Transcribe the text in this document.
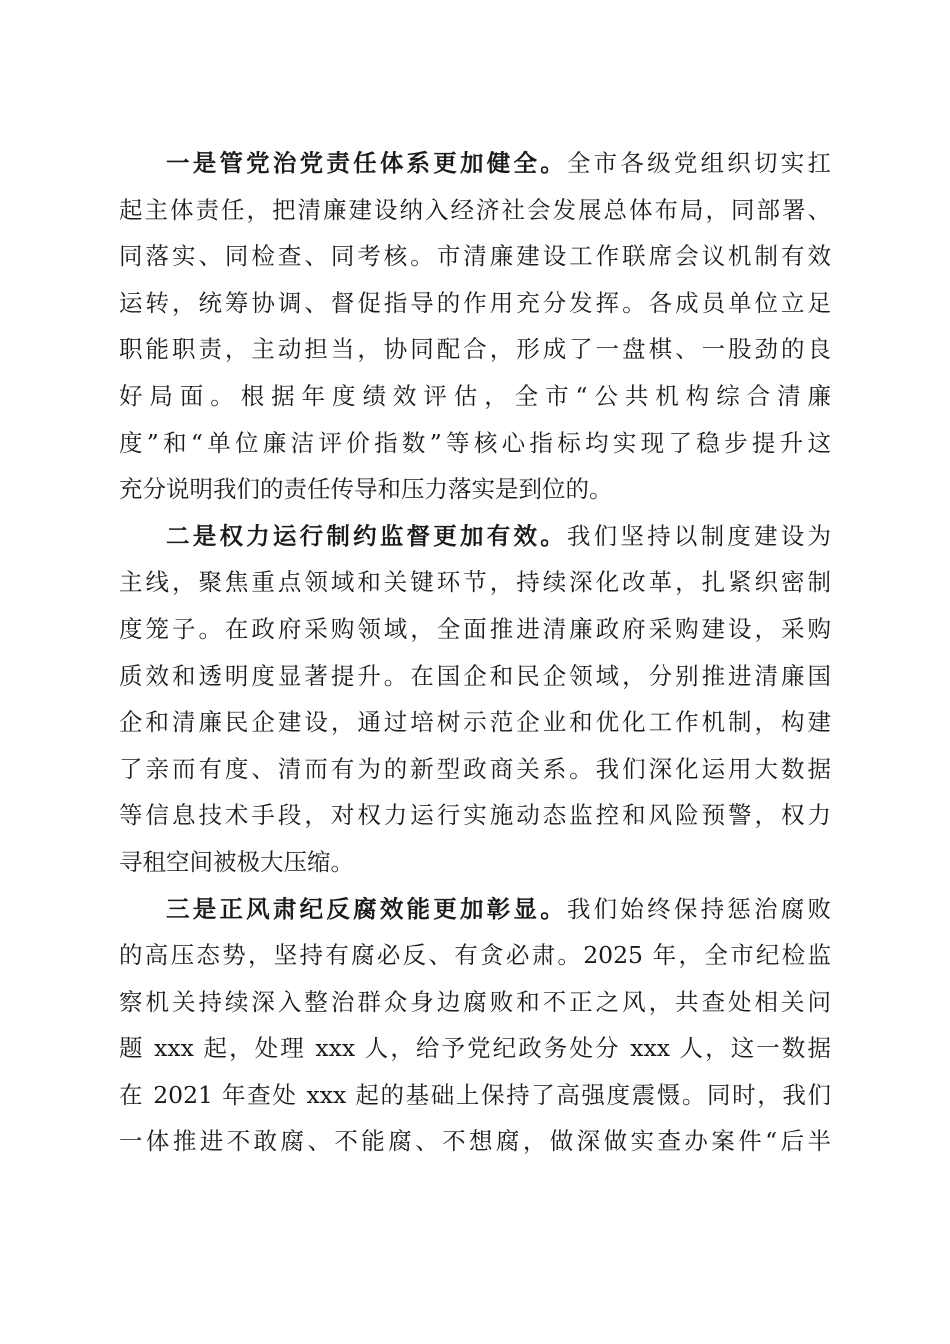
一是管党治党责任体系更加健全。全市各级党组织切实扛
起主体责任，把清廉建设纳入经济社会发展总体布局，同部署、
同落实、同检查、同考核。市清廉建设工作联席会议机制有效
运转，统筹协调、督促指导的作用充分发挥。各成员单位立足
职能职责，主动担当，协同配合，形成了一盘棋、一股劲的良
好局面。根据年度绩效评估，全市“公共机构综合清廉
度”和“单位廉洁评价指数”等核心指标均实现了稳步提升这
充分说明我们的责任传导和压力落实是到位的。
二是权力运行制约监督更加有效。我们坚持以制度建设为
主线，聚焦重点领域和关键环节，持续深化改革，扎紧织密制
度笼子。在政府采购领域，全面推进清廉政府采购建设，采购
质效和透明度显著提升。在国企和民企领域，分别推进清廉国
企和清廉民企建设，通过培树示范企业和优化工作机制，构建
了亲而有度、清而有为的新型政商关系。我们深化运用大数据
等信息技术手段，对权力运行实施动态监控和风险预警，权力
寻租空间被极大压缩。
三是正风肃纪反腐效能更加彰显。我们始终保持惩治腐败
的高压态势，坚持有腐必反、有贪必肃。2025 年，全市纪检监
察机关持续深入整治群众身边腐败和不正之风，共查处相关问
题 xxx 起，处理 xxx 人，给予党纪政务处分 xxx 人，这一数据
在 2021 年查处 xxx 起的基础上保持了高强度震慑。同时，我们
一体推进不敢腐、不能腐、不想腐，做深做实查办案件“后半
